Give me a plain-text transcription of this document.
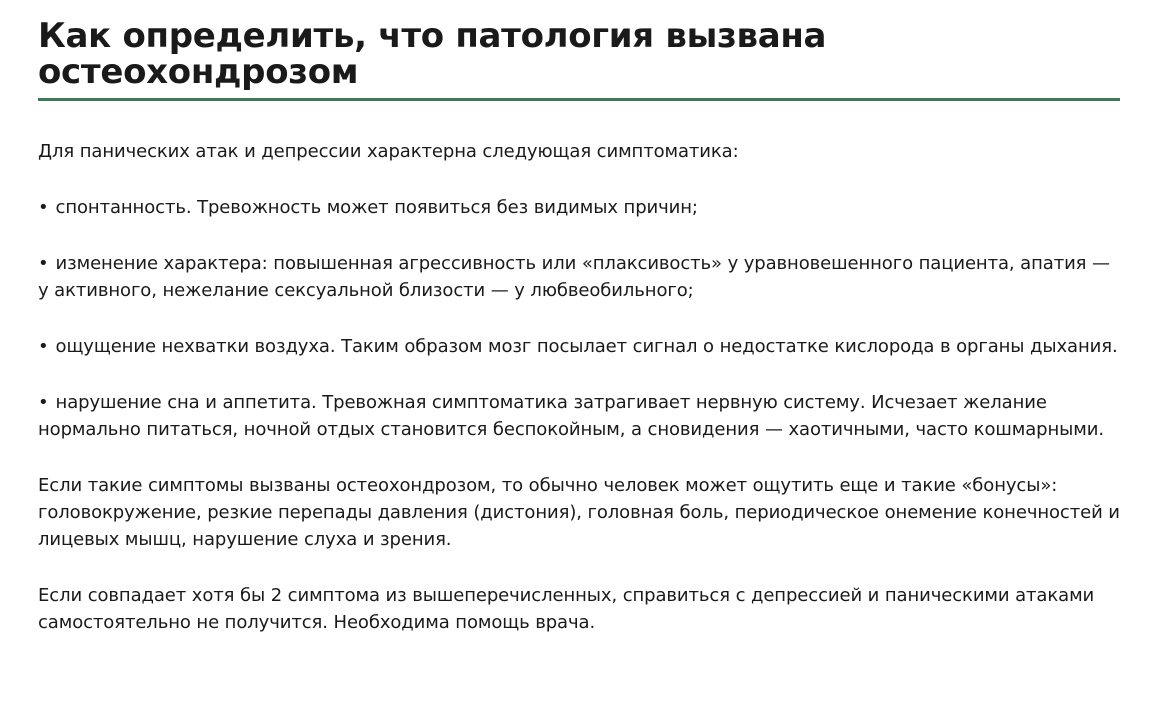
Как определить, что патология вызвана остеохондрозом

Для панических атак и депрессии характерна следующая симптоматика:

• спонтанность. Тревожность может появиться без видимых причин;

• изменение характера: повышенная агрессивность или «плаксивость» у уравновешенного пациента, апатия — у активного, нежелание сексуальной близости — у любвеобильного;

• ощущение нехватки воздуха. Таким образом мозг посылает сигнал о недостатке кислорода в органы дыхания.

• нарушение сна и аппетита. Тревожная симптоматика затрагивает нервную систему. Исчезает желание нормально питаться, ночной отдых становится беспокойным, а сновидения — хаотичными, часто кошмарными.

Если такие симптомы вызваны остеохондрозом, то обычно человек может ощутить еще и такие «бонусы»: головокружение, резкие перепады давления (дистония), головная боль, периодическое онемение конечностей и лицевых мышц, нарушение слуха и зрения.

Если совпадает хотя бы 2 симптома из вышеперечисленных, справиться с депрессией и паническими атаками самостоятельно не получится. Необходима помощь врача.
